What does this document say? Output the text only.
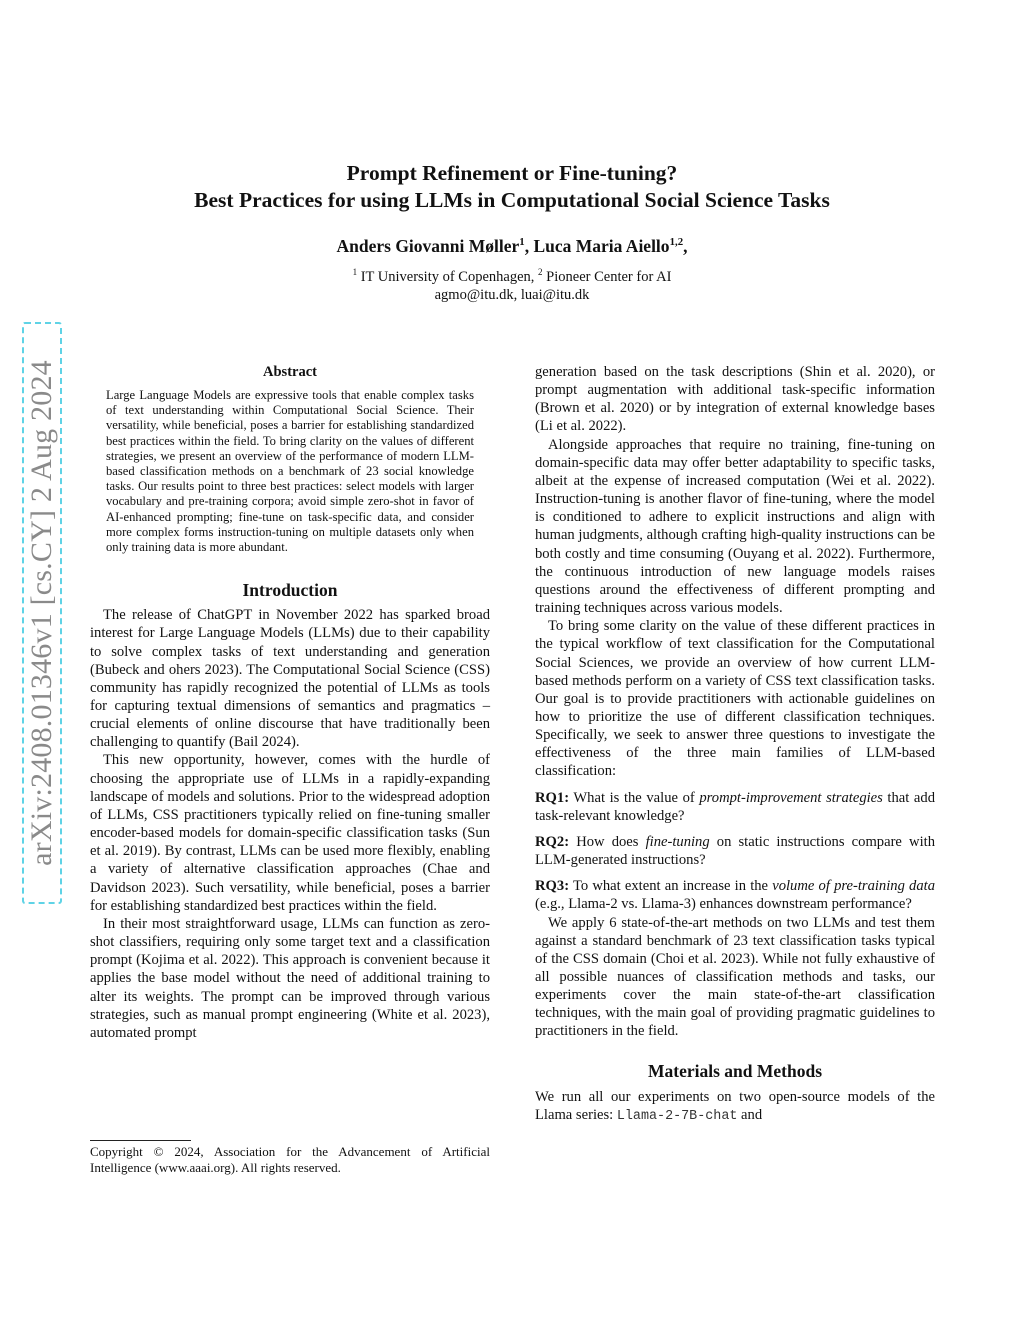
arXiv:2408.01346v1 [cs.CY] 2 Aug 2024
Prompt Refinement or Fine-tuning?
Best Practices for using LLMs in Computational Social Science Tasks
Anders Giovanni Møller$^1$, Luca Maria Aiello$^{1,2}$,
$^1$ IT University of Copenhagen, $^2$ Pioneer Center for AI
agmo@itu.dk, luai@itu.dk
Abstract
Large Language Models are expressive tools that enable complex tasks of text understanding within Computational Social Science. Their versatility, while beneficial, poses a barrier for establishing standardized best practices within the field. To bring clarity on the values of different strategies, we present an overview of the performance of modern LLM-based classification methods on a benchmark of 23 social knowledge tasks. Our results point to three best practices: select models with larger vocabulary and pre-training corpora; avoid simple zero-shot in favor of AI-enhanced prompting; fine-tune on task-specific data, and consider more complex forms instruction-tuning on multiple datasets only when only training data is more abundant.
Introduction

The release of ChatGPT in November 2022 has sparked broad interest for Large Language Models (LLMs) due to their capability to solve complex tasks of text understanding and generation (Bubeck and ohers 2023). The Computational Social Science (CSS) community has rapidly recognized the potential of LLMs as tools for capturing textual dimensions of semantics and pragmatics – crucial elements of online discourse that have traditionally been challenging to quantify (Bail 2024).

This new opportunity, however, comes with the hurdle of choosing the appropriate use of LLMs in a rapidly-expanding landscape of models and solutions. Prior to the widespread adoption of LLMs, CSS practitioners typically relied on fine-tuning smaller encoder-based models for domain-specific classification tasks (Sun et al. 2019). By contrast, LLMs can be used more flexibly, enabling a variety of alternative classification approaches (Chae and Davidson 2023). Such versatility, while beneficial, poses a barrier for establishing standardized best practices within the field.

In their most straightforward usage, LLMs can function as zero-shot classifiers, requiring only some target text and a classification prompt (Kojima et al. 2022). This approach is convenient because it applies the base model without the need of additional training to alter its weights. The prompt can be improved through various strategies, such as manual prompt engineering (White et al. 2023), automated prompt

Copyright © 2024, Association for the Advancement of Artificial Intelligence (www.aaai.org). All rights reserved.

generation based on the task descriptions (Shin et al. 2020), or prompt augmentation with additional task-specific information (Brown et al. 2020) or by integration of external knowledge bases (Li et al. 2022).

Alongside approaches that require no training, fine-tuning on domain-specific data may offer better adaptability to specific tasks, albeit at the expense of increased computation (Wei et al. 2022). Instruction-tuning is another flavor of fine-tuning, where the model is conditioned to adhere to explicit instructions and align with human judgments, although crafting high-quality instructions can be both costly and time consuming (Ouyang et al. 2022). Furthermore, the continuous introduction of new language models raises questions around the effectiveness of different prompting and training techniques across various models.

To bring some clarity on the value of these different practices in the typical workflow of text classification for the Computational Social Sciences, we provide an overview of how current LLM-based methods perform on a variety of CSS text classification tasks. Our goal is to provide practitioners with actionable guidelines on how to prioritize the use of different classification techniques. Specifically, we seek to answer three questions to investigate the effectiveness of the three main families of LLM-based classification:

RQ1: What is the value of prompt-improvement strategies that add task-relevant knowledge?

RQ2: How does fine-tuning on static instructions compare with LLM-generated instructions?

RQ3: To what extent an increase in the volume of pre-training data (e.g., Llama-2 vs. Llama-3) enhances downstream performance?

We apply 6 state-of-the-art methods on two LLMs and test them against a standard benchmark of 23 text classification tasks typical of the CSS domain (Choi et al. 2023). While not fully exhaustive of all possible nuances of classification methods and tasks, our experiments cover the main state-of-the-art classification techniques, with the main goal of providing pragmatic guidelines to practitioners in the field.

Materials and Methods

We run all our experiments on two open-source models of the Llama series: Llama-2-7B-chat and
